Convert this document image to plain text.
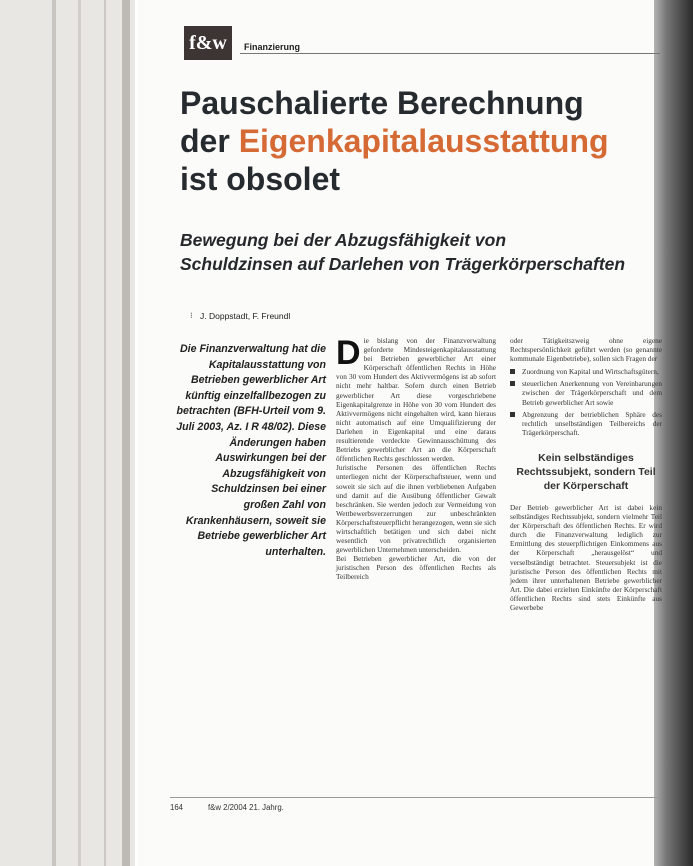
f&w	Finanzierung
Pauschalierte Berechnung
der Eigenkapitalausstattung
ist obsolet
Bewegung bei der Abzugsfähigkeit von
Schuldzinsen auf Darlehen von Trägerkörperschaften
⁝ J. Doppstadt, F. Freundl
Die Finanzverwaltung hat die Kapitalausstattung von Betrieben gewerblicher Art künftig einzelfallbezogen zu betrachten (BFH-Urteil vom 9. Juli 2003, Az. I R 48/02). Diese Änderungen haben Auswirkungen bei der Abzugsfähigkeit von Schuldzinsen bei einer großen Zahl von Krankenhäusern, soweit sie Betriebe gewerblicher Art unterhalten.

Die bislang von der Finanzverwaltung geforderte Mindesteigenkapitalausstattung bei Betrieben gewerblicher Art einer Körperschaft öffentlichen Rechts in Höhe von 30 vom Hundert des Aktivvermögens ist ab sofort nicht mehr haltbar. Sofern durch einen Betrieb gewerblicher Art diese vorgeschriebene Eigenkapitalgrenze in Höhe von 30 vom Hundert des Aktivvermögens nicht eingehalten wird, kann hieraus nicht automatisch auf eine Umqualifizierung der Darlehen in Eigenkapital und eine daraus resultierende verdeckte Gewinnausschüttung des Betriebs gewerblicher Art an die Körperschaft öffentlichen Rechts geschlossen werden.

Juristische Personen des öffentlichen Rechts unterliegen nicht der Körperschaftsteuer, wenn und soweit sie sich auf die ihnen verbliebenen Aufgaben und damit auf die Ausübung öffentlicher Gewalt beschränken. Sie werden jedoch zur Vermeidung von Wettbewerbsverzerrungen zur unbeschränkten Körperschaftsteuerpflicht herangezogen, wenn sie sich wirtschaftlich betätigen und sich dabei nicht wesentlich von privatrechtlich organisierten gewerblichen Unternehmen unterscheiden.

Bei Betrieben gewerblicher Art, die von der juristischen Person des öffentlichen Rechts als Teilbereich

oder Tätigkeitszweig ohne eigene Rechtspersönlichkeit geführt werden (so genannte kommunale Eigenbetriebe), sollen sich Fragen der

Zuordnung von Kapital und Wirtschaftsgütern,
steuerlichen Anerkennung von Vereinbarungen zwischen der Trägerkörperschaft und dem Betrieb gewerblicher Art sowie
Abgrenzung der betrieblichen Sphäre des rechtlich unselbständigen Teilbereichs der Trägerkörperschaft.
Kein selbständiges Rechtssubjekt, sondern Teil der Körperschaft

Der Betrieb gewerblicher Art ist dabei kein selbständiges Rechtssubjekt, sondern vielmehr Teil der Körperschaft des öffentlichen Rechts. Er wird durch die Finanzverwaltung lediglich zur Ermittlung des steuerpflichtigen Einkommens aus der Körperschaft „herausgelöst“ und verselbständigt betrachtet. Steuersubjekt ist die juristische Person des öffentlichen Rechts mit jedem ihrer unterhaltenen Betriebe gewerblicher Art. Die dabei erzielten Einkünfte der Körperschaft öffentlichen Rechts sind stets Einkünfte aus Gewerbebe

164	f&w 2/2004 21. Jahrg.
